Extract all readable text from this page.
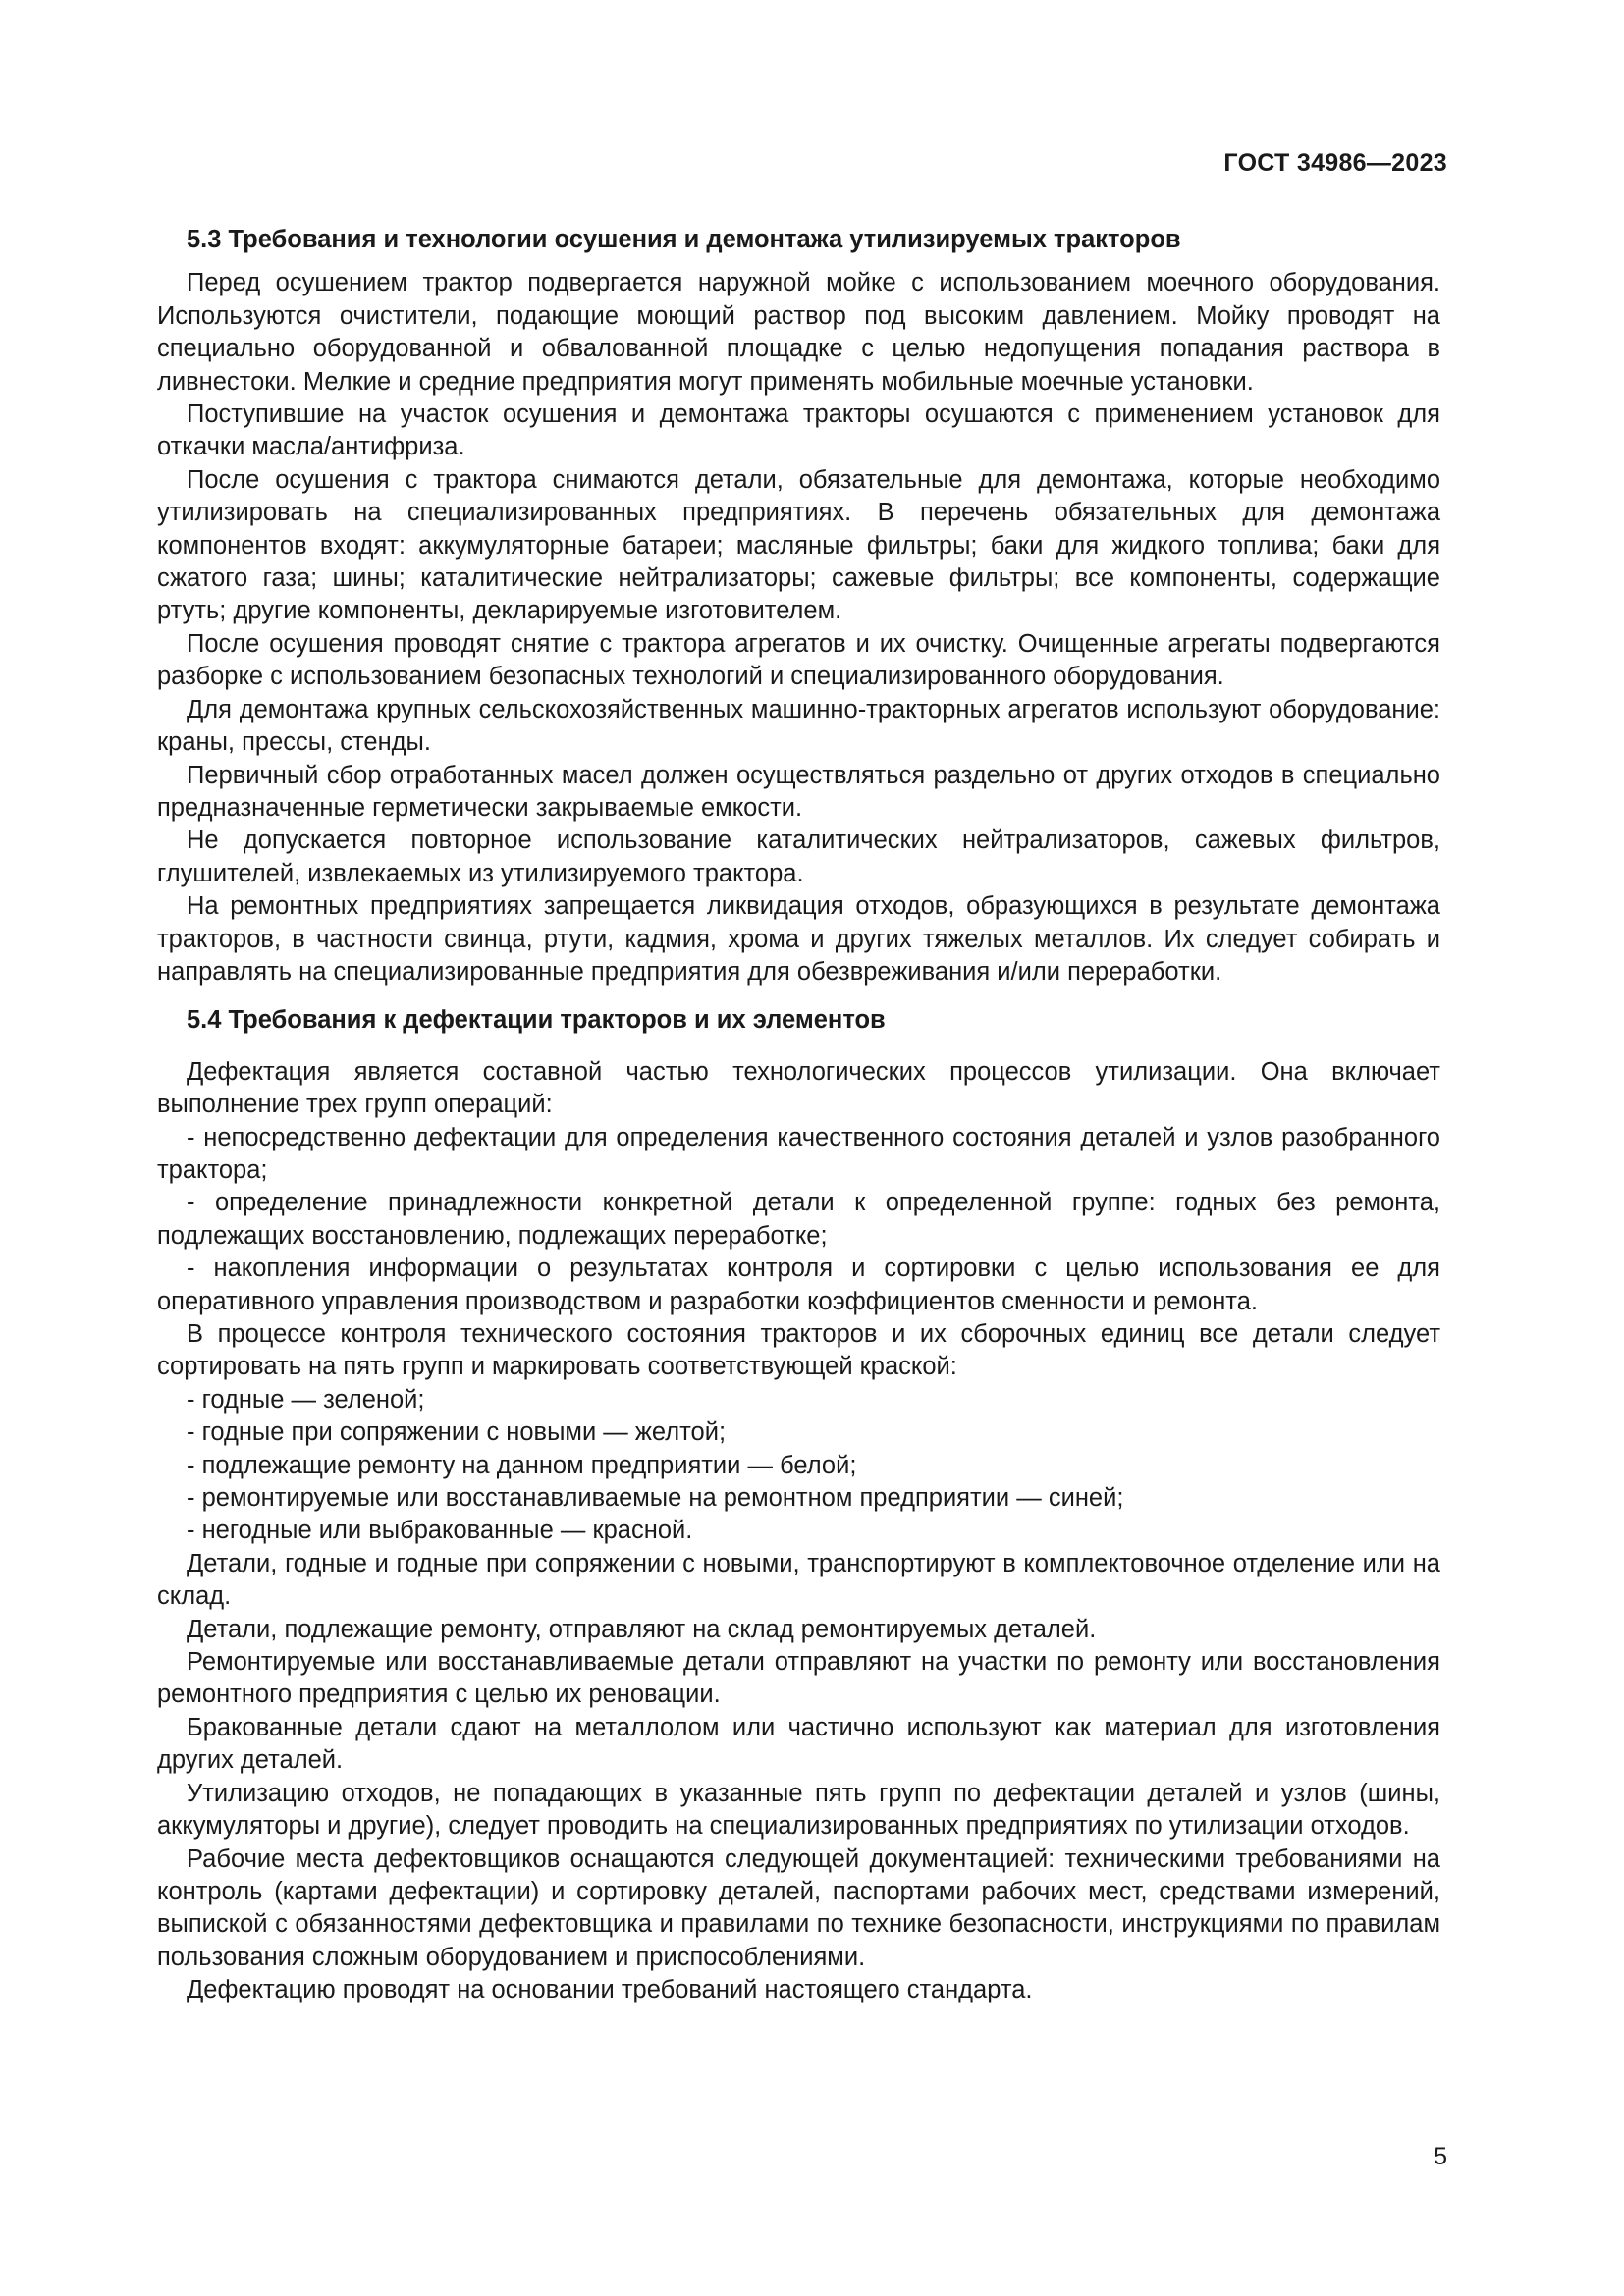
ГОСТ 34986—2023
5.3 Требования и технологии осушения и демонтажа утилизируемых тракторов

Перед осушением трактор подвергается наружной мойке с использованием моечного оборудования. Используются очистители, подающие моющий раствор под высоким давлением. Мойку проводят на специально оборудованной и обвалованной площадке с целью недопущения попадания раствора в ливнестоки. Мелкие и средние предприятия могут применять мобильные моечные установки.

Поступившие на участок осушения и демонтажа тракторы осушаются с применением установок для откачки масла/антифриза.

После осушения с трактора снимаются детали, обязательные для демонтажа, которые необходимо утилизировать на специализированных предприятиях. В перечень обязательных для демонтажа компонентов входят: аккумуляторные батареи; масляные фильтры; баки для жидкого топлива; баки для сжатого газа; шины; каталитические нейтрализаторы; сажевые фильтры; все компоненты, содержащие ртуть; другие компоненты, декларируемые изготовителем.

После осушения проводят снятие с трактора агрегатов и их очистку. Очищенные агрегаты подвергаются разборке с использованием безопасных технологий и специализированного оборудования.

Для демонтажа крупных сельскохозяйственных машинно-тракторных агрегатов используют оборудование: краны, прессы, стенды.

Первичный сбор отработанных масел должен осуществляться раздельно от других отходов в специально предназначенные герметически закрываемые емкости.

Не допускается повторное использование каталитических нейтрализаторов, сажевых фильтров, глушителей, извлекаемых из утилизируемого трактора.

На ремонтных предприятиях запрещается ликвидация отходов, образующихся в результате демонтажа тракторов, в частности свинца, ртути, кадмия, хрома и других тяжелых металлов. Их следует собирать и направлять на специализированные предприятия для обезвреживания и/или переработки.

5.4 Требования к дефектации тракторов и их элементов

Дефектация является составной частью технологических процессов утилизации. Она включает выполнение трех групп операций:

- непосредственно дефектации для определения качественного состояния деталей и узлов разобранного трактора;

- определение принадлежности конкретной детали к определенной группе: годных без ремонта, подлежащих восстановлению, подлежащих переработке;

- накопления информации о результатах контроля и сортировки с целью использования ее для оперативного управления производством и разработки коэффициентов сменности и ремонта.

В процессе контроля технического состояния тракторов и их сборочных единиц все детали следует сортировать на пять групп и маркировать соответствующей краской:

- годные — зеленой;

- годные при сопряжении с новыми — желтой;

- подлежащие ремонту на данном предприятии — белой;

- ремонтируемые или восстанавливаемые на ремонтном предприятии — синей;

- негодные или выбракованные — красной.

Детали, годные и годные при сопряжении с новыми, транспортируют в комплектовочное отделение или на склад.

Детали, подлежащие ремонту, отправляют на склад ремонтируемых деталей.

Ремонтируемые или восстанавливаемые детали отправляют на участки по ремонту или восстановления ремонтного предприятия с целью их реновации.

Бракованные детали сдают на металлолом или частично используют как материал для изготовления других деталей.

Утилизацию отходов, не попадающих в указанные пять групп по дефектации деталей и узлов (шины, аккумуляторы и другие), следует проводить на специализированных предприятиях по утилизации отходов.

Рабочие места дефектовщиков оснащаются следующей документацией: техническими требованиями на контроль (картами дефектации) и сортировку деталей, паспортами рабочих мест, средствами измерений, выпиской с обязанностями дефектовщика и правилами по технике безопасности, инструкциями по правилам пользования сложным оборудованием и приспособлениями.

Дефектацию проводят на основании требований настоящего стандарта.

5
